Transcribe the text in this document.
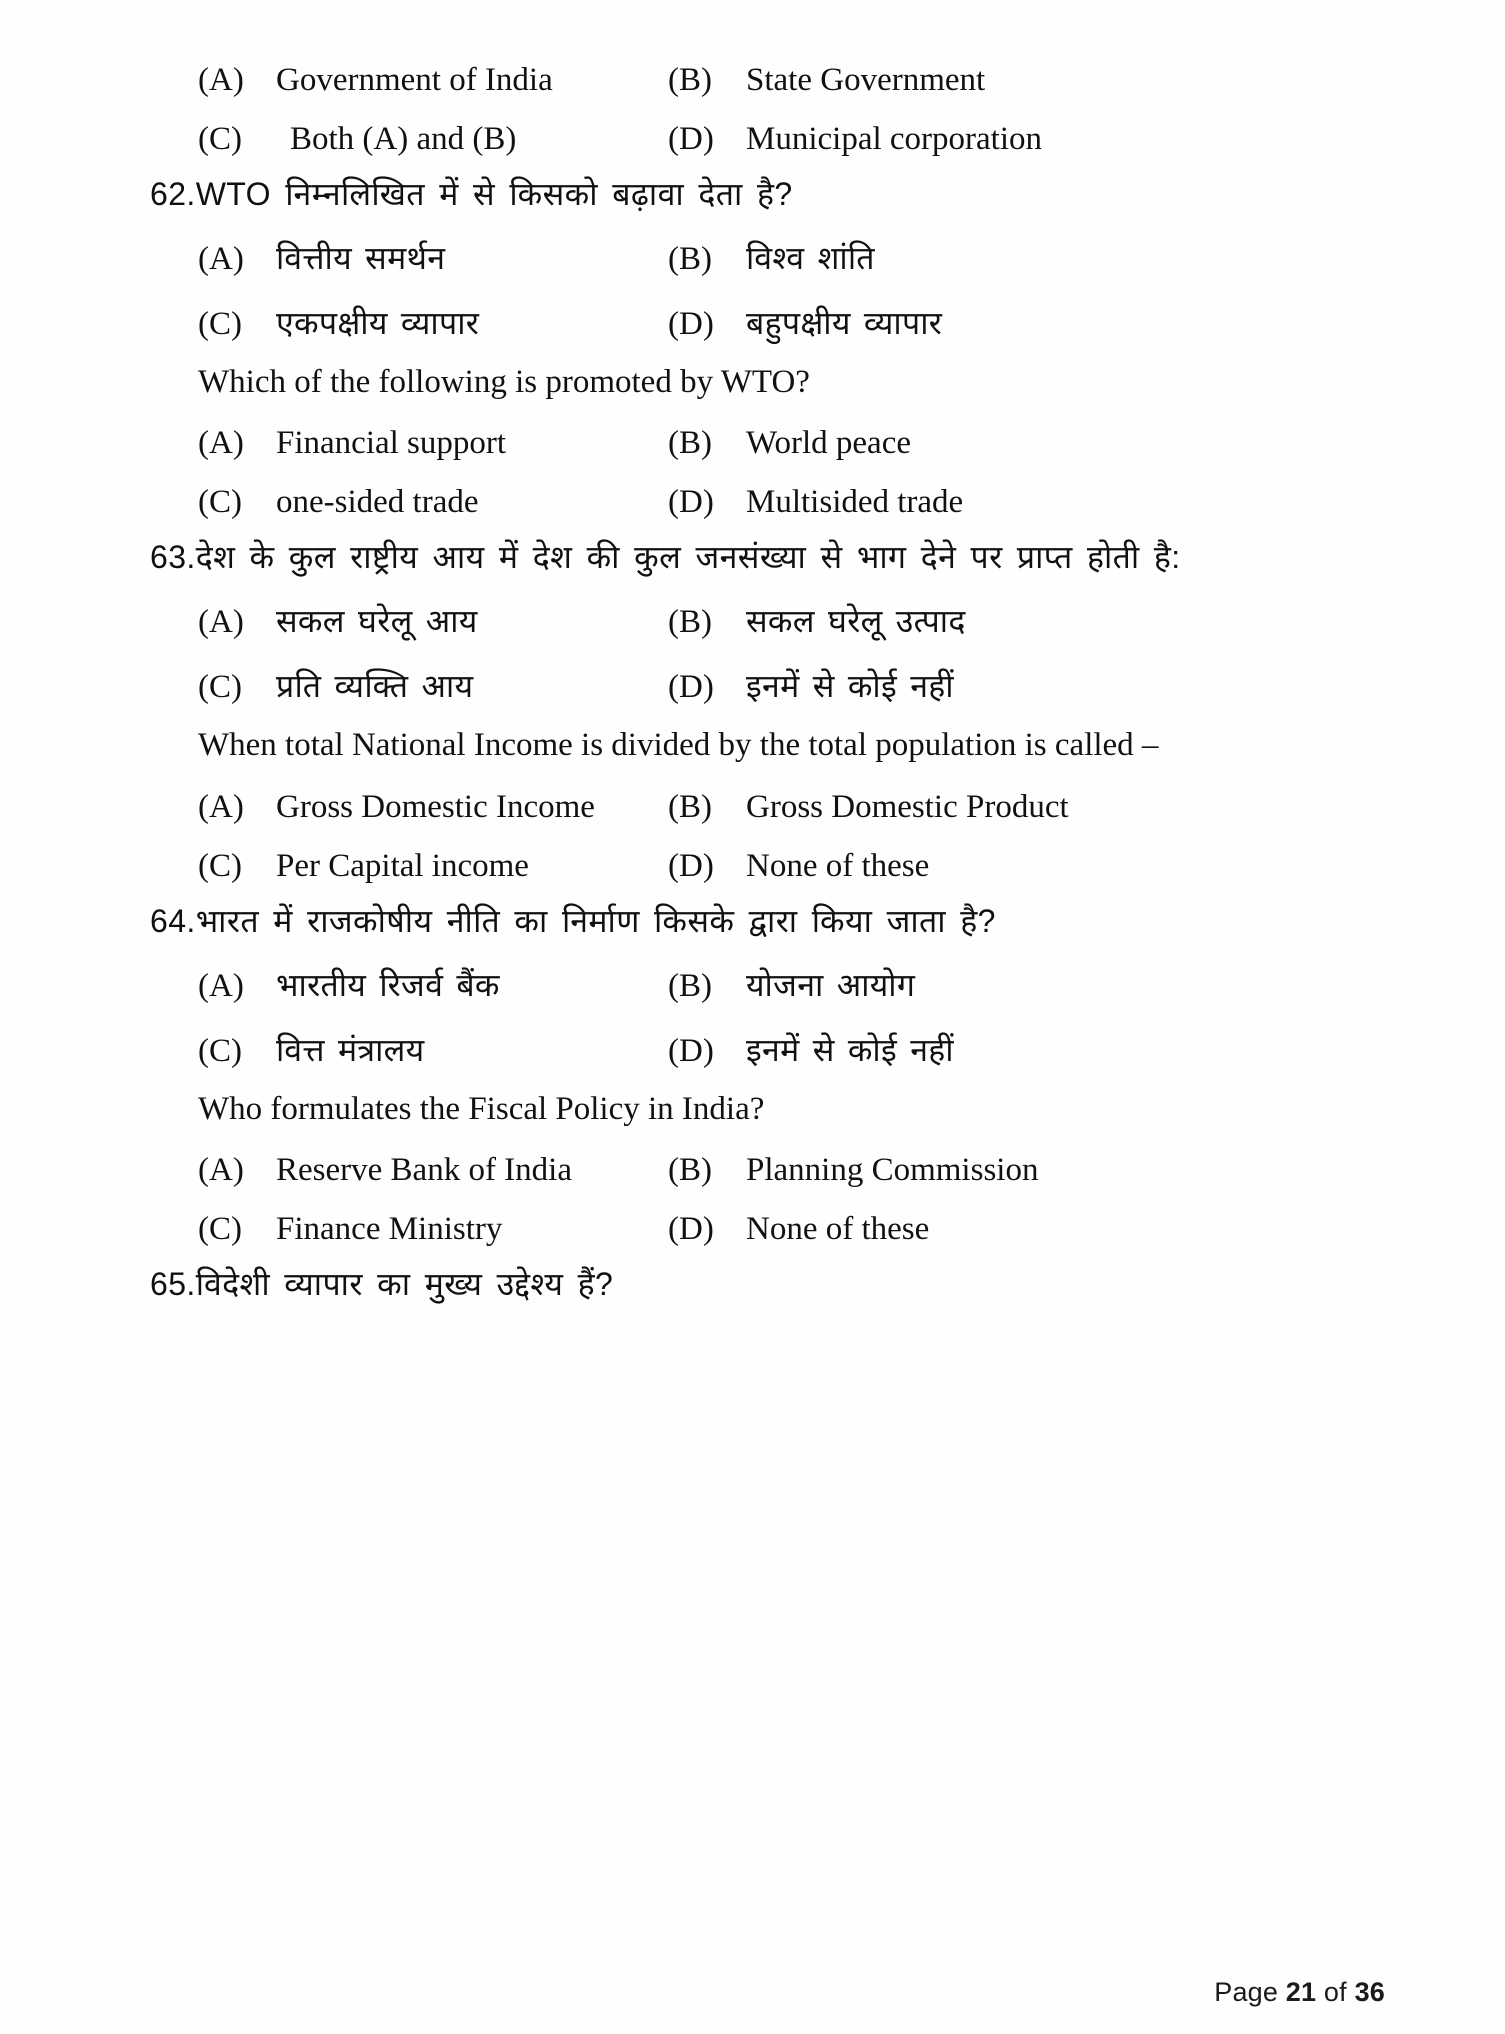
(A) Government of India	(B)	State Government
(C)	Both (A) and (B)	(D) Municipal corporation
62. WTO निम्नलिखित में से किसको बढ़ावा देता है?
(A)	वित्तीय समर्थन	(B)	विश्व शांति
(C)	एकपक्षीय व्यापार	(D)	बहुपक्षीय व्यापार
Which of the following is promoted by WTO?
(A) Financial support	(B)	World peace
(C)	one-sided trade	(D) Multisided trade
63. देश के कुल राष्ट्रीय आय में देश की कुल जनसंख्या से भाग देने पर प्राप्त होती है:
(A)	सकल घरेलू आय	(B)	सकल घरेलू उत्पाद
(C)	प्रति व्यक्ति आय	(D)	इनमें से कोई नहीं
When total National Income is divided by the total population is called –
(A) Gross Domestic Income (B)	Gross Domestic Product
(C)	Per Capital income	(D) None of these
64. भारत में राजकोषीय नीति का निर्माण किसके द्वारा किया जाता है?
(A)	भारतीय रिजर्व बैंक	(B)	योजना आयोग
(C)	वित्त मंत्रालय	(D)	इनमें से कोई नहीं
Who formulates the Fiscal Policy in India?
(A) Reserve Bank of India	(B)	Planning Commission
(C)	Finance Ministry	(D) None of these
65. विदेशी व्यापार का मुख्य उद्देश्य हैं?
Page 21 of 36
